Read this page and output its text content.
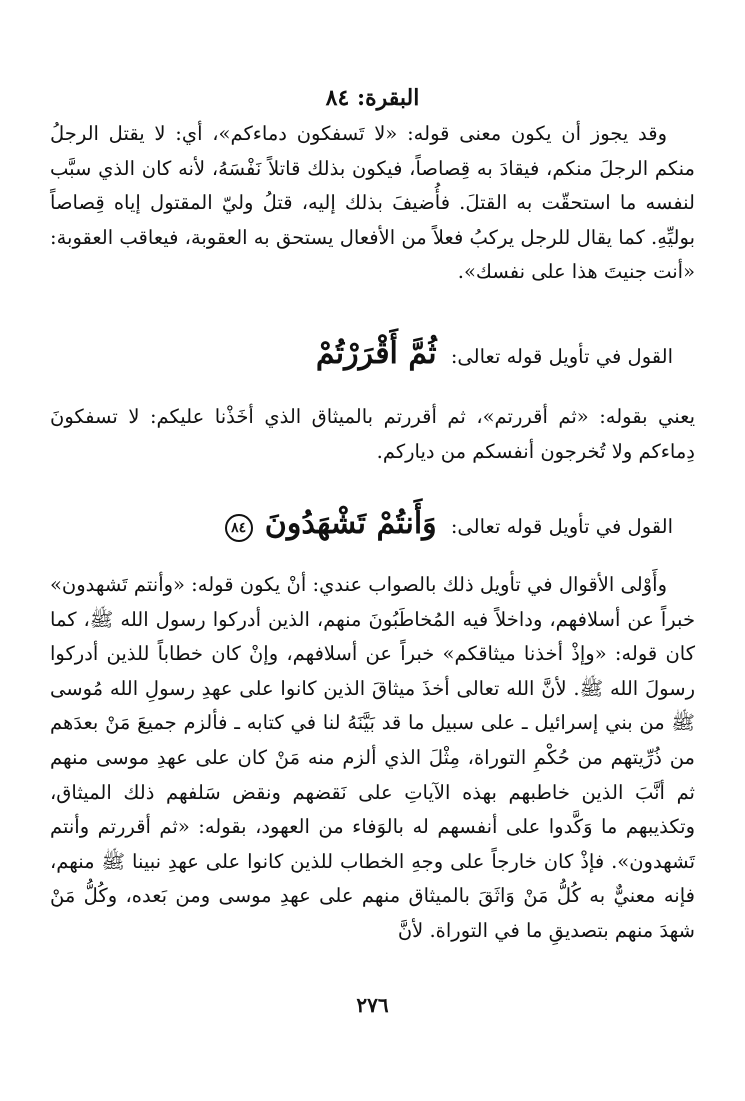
البقرة: ٨٤

وقد يجوز أن يكون معنى قوله: «لا تَسفكون دماءكم»، أي: لا يقتل الرجلُ منكم الرجلَ منكم، فيقادَ به قِصاصاً، فيكون بذلك قاتلاً نَفْسَهُ، لأنه كان الذي سبَّب لنفسه ما استحقّت به القتلَ. فأُضيفَ بذلك إليه، قتلُ وليّ المقتول إياه قِصاصاً بوليِّهِ. كما يقال للرجل يركبُ فعلاً من الأفعال يستحق به العقوبة، فيعاقب العقوبة: «أنت جنيتَ هذا على نفسك».

القول في تأويل قوله تعالى: ثُمَّ أَقْرَرْتُمْ

يعني بقوله: «ثم أقررتم»، ثم أقررتم بالميثاق الذي أخَذْنا عليكم: لا تسفكونَ دِماءكم ولا تُخرجون أنفسكم من دياركم.

القول في تأويل قوله تعالى: وَأَنتُمْ تَشْهَدُونَ ٨٤

وأَوْلى الأقوال في تأويل ذلك بالصواب عندي: أنْ يكون قوله: «وأنتم تَشهدون» خبراً عن أسلافهم، وداخلاً فيه المُخاطَبُونَ منهم، الذين أدركوا رسول الله ﷺ، كما كان قوله: «وإذْ أخذنا ميثاقكم» خبراً عن أسلافهم، وإنْ كان خطاباً للذين أدركوا رسولَ الله ﷺ. لأنَّ الله تعالى أخذَ ميثاقَ الذين كانوا على عهدِ رسولِ الله مُوسى ﷺ من بني إسرائيل ـ على سبيل ما قد بَيَّنَهُ لنا في كتابه ـ فألزم جميعَ مَنْ بعدَهم من ذُرِّيتهم من حُكْمِ التوراة، مِثْلَ الذي ألزم منه مَنْ كان على عهدِ موسى منهم ثم أنَّبَ الذين خاطبهم بهذه الآياتِ على نَقضهم ونقض سَلفهم ذلك الميثاق، وتكذيبهم ما وَكَّدوا على أنفسهم له بالوَفاء من العهود، بقوله: «ثم أقررتم وأنتم تَشهدون». فإذْ كان خارجاً على وجهِ الخطاب للذين كانوا على عهدِ نبينا ﷺ منهم، فإنه معنيٌّ به كُلُّ مَنْ وَاثَقَ بالميثاق منهم على عهدِ موسى ومن بَعده، وكُلُّ مَنْ شهدَ منهم بتصديقِ ما في التوراة. لأنَّ

٢٧٦
